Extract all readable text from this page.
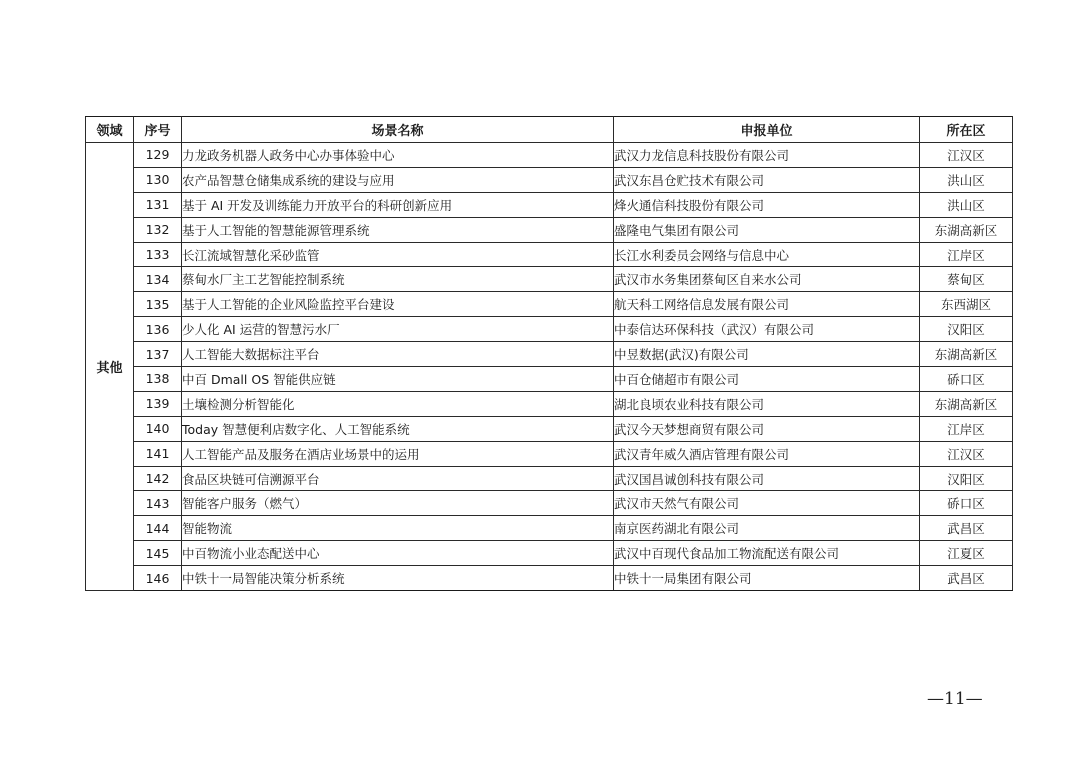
领域	序号	场景名称	申报单位	所在区
其他	129	力龙政务机器人政务中心办事体验中心	武汉力龙信息科技股份有限公司	江汉区
	130	农产品智慧仓储集成系统的建设与应用	武汉东昌仓贮技术有限公司	洪山区
	131	基于 AI 开发及训练能力开放平台的科研创新应用	烽火通信科技股份有限公司	洪山区
	132	基于人工智能的智慧能源管理系统	盛隆电气集团有限公司	东湖高新区
	133	长江流域智慧化采砂监管	长江水利委员会网络与信息中心	江岸区
	134	蔡甸水厂主工艺智能控制系统	武汉市水务集团蔡甸区自来水公司	蔡甸区
	135	基于人工智能的企业风险监控平台建设	航天科工网络信息发展有限公司	东西湖区
	136	少人化 AI 运营的智慧污水厂	中泰信达环保科技（武汉）有限公司	汉阳区
	137	人工智能大数据标注平台	中昱数据(武汉)有限公司	东湖高新区
	138	中百 Dmall OS 智能供应链	中百仓储超市有限公司	硚口区
	139	土壤检测分析智能化	湖北良顷农业科技有限公司	东湖高新区
	140	Today 智慧便利店数字化、人工智能系统	武汉今天梦想商贸有限公司	江岸区
	141	人工智能产品及服务在酒店业场景中的运用	武汉青年威久酒店管理有限公司	江汉区
	142	食品区块链可信溯源平台	武汉国昌诚创科技有限公司	汉阳区
	143	智能客户服务（燃气）	武汉市天然气有限公司	硚口区
	144	智能物流	南京医药湖北有限公司	武昌区
	145	中百物流小业态配送中心	武汉中百现代食品加工物流配送有限公司	江夏区
	146	中铁十一局智能决策分析系统	中铁十一局集团有限公司	武昌区
—11—
